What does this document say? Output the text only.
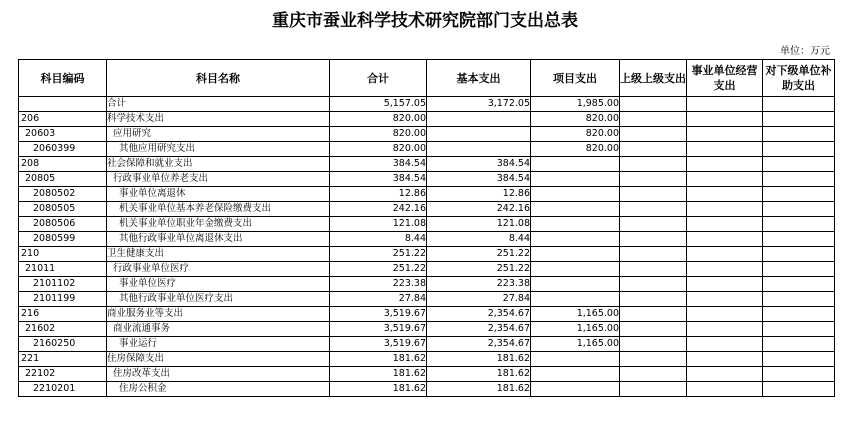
重庆市蚕业科学技术研究院部门支出总表
单位：万元
科目编码	科目名称	合计	基本支出	项目支出	上级上级支出	事业单位经营支出	对下级单位补助支出
	合计	5,157.05	3,172.05	1,985.00			
206	科学技术支出	820.00		820.00			
20603	应用研究	820.00		820.00			
2060399	其他应用研究支出	820.00		820.00			
208	社会保障和就业支出	384.54	384.54				
20805	行政事业单位养老支出	384.54	384.54				
2080502	事业单位离退休	12.86	12.86				
2080505	机关事业单位基本养老保险缴费支出	242.16	242.16				
2080506	机关事业单位职业年金缴费支出	121.08	121.08				
2080599	其他行政事业单位离退休支出	8.44	8.44				
210	卫生健康支出	251.22	251.22				
21011	行政事业单位医疗	251.22	251.22				
2101102	事业单位医疗	223.38	223.38				
2101199	其他行政事业单位医疗支出	27.84	27.84				
216	商业服务业等支出	3,519.67	2,354.67	1,165.00			
21602	商业流通事务	3,519.67	2,354.67	1,165.00			
2160250	事业运行	3,519.67	2,354.67	1,165.00			
221	住房保障支出	181.62	181.62				
22102	住房改革支出	181.62	181.62				
2210201	住房公积金	181.62	181.62				
